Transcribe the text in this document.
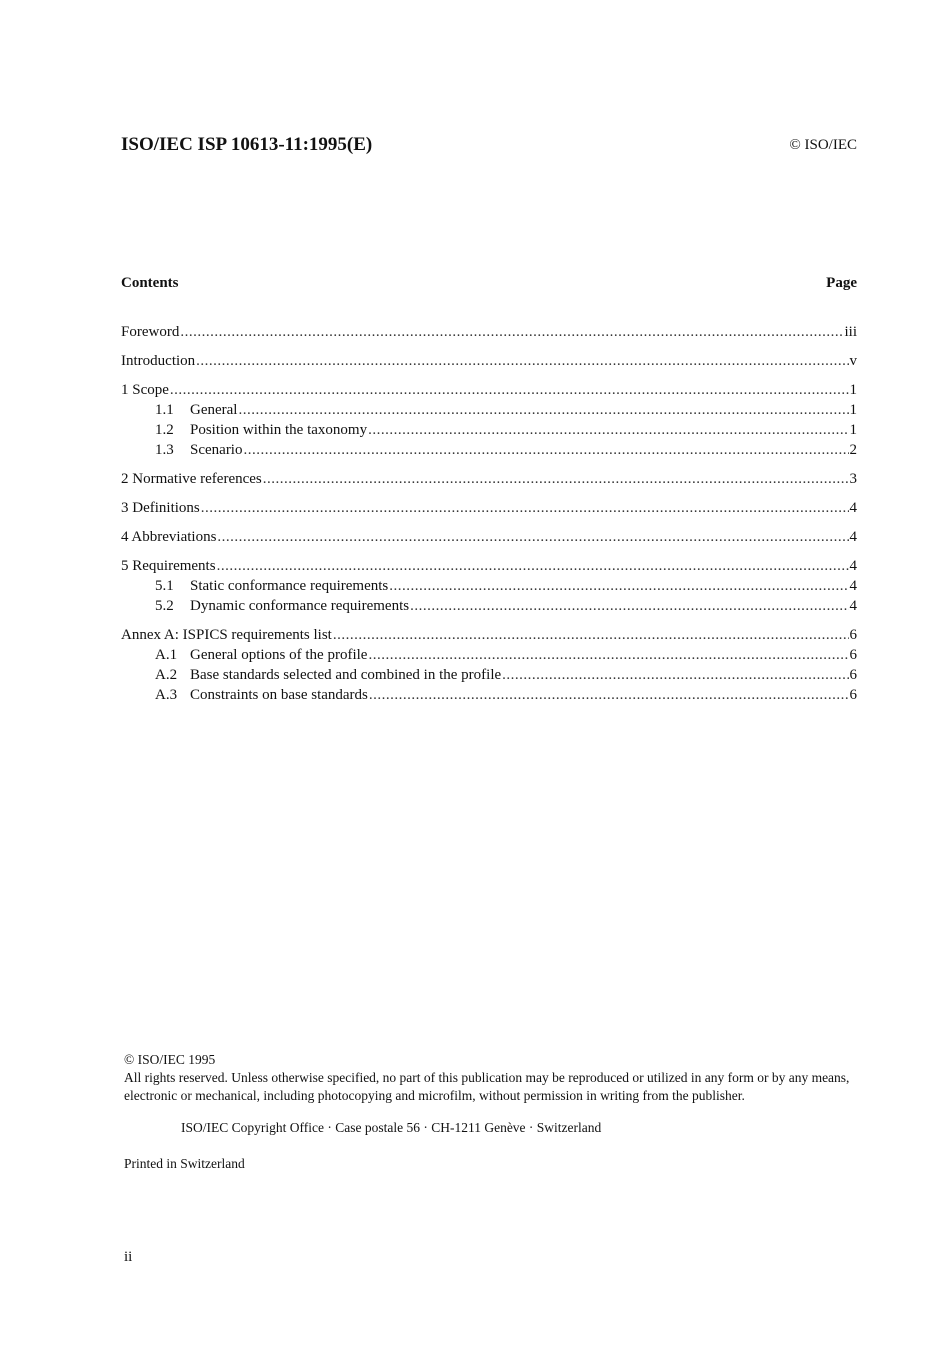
ISO/IEC ISP 10613-11:1995(E)	© ISO/IEC
Contents	Page
Foreword .....	iii
Introduction .....	v
1 Scope .....	1
1.1	General .....	1
1.2	Position within the taxonomy .....	1
1.3	Scenario .....	2
2 Normative references .....	3
3 Definitions .....	4
4 Abbreviations .....	4
5 Requirements .....	4
5.1	Static conformance requirements .....	4
5.2	Dynamic conformance requirements .....	4
Annex A: ISPICS requirements list .....	6
A.1 General options of the profile .....	6
A.2 Base standards selected and combined in the profile .....	6
A.3 Constraints on base standards .....	6
© ISO/IEC 1995
All rights reserved. Unless otherwise specified, no part of this publication may be reproduced or utilized in any form or by any means, electronic or mechanical, including photocopying and microfilm, without permission in writing from the publisher.
ISO/IEC Copyright Office · Case postale 56 · CH-1211 Genève · Switzerland
Printed in Switzerland
ii
